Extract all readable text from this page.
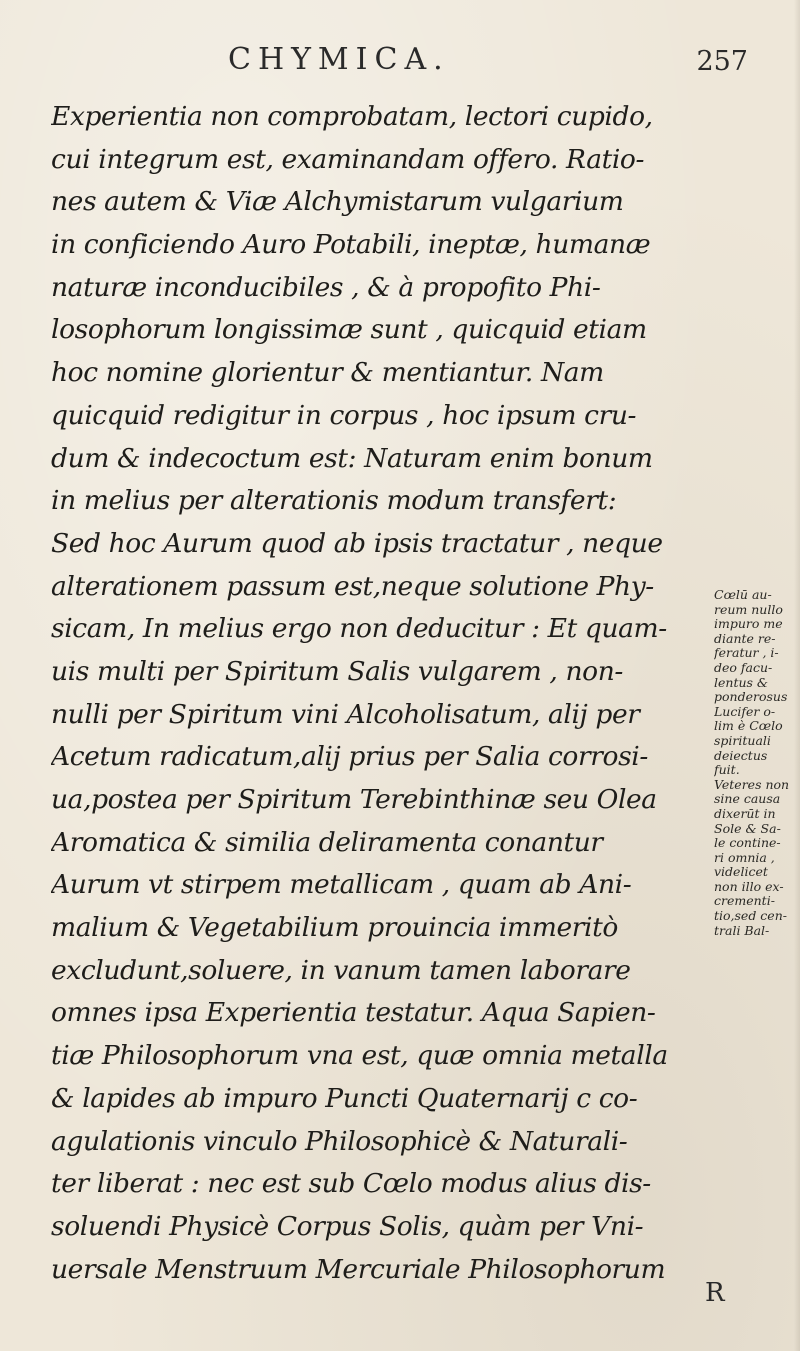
CHYMICA.	257
Experientia non comprobatam, lectori cupido,
cui integrum est, examinandam offero. Ratio-
nes autem & Viæ Alchymistarum vulgarium
in conficiendo Auro Potabili, ineptæ, humanæ
naturæ inconducibiles , & à propofito Phi-
losophorum longissimæ sunt , quicquid etiam
hoc nomine glorientur & mentiantur. Nam
quicquid redigitur in corpus , hoc ipsum cru-
dum & indecoctum est: Naturam enim bonum
in melius per alterationis modum transfert:
Sed hoc Aurum quod ab ipsis tractatur , neque
alterationem passum est,neque solutione Phy-
sicam, In melius ergo non deducitur : Et quam-
uis multi per Spiritum Salis vulgarem , non-
nulli per Spiritum vini Alcoholisatum, alij per
Acetum radicatum,alij prius per Salia corrosi-
ua,postea per Spiritum Terebinthinæ seu Olea
Aromatica & similia deliramenta conantur
Aurum vt stirpem metallicam , quam ab Ani-
malium & Vegetabilium prouincia immeritò
excludunt,soluere, in vanum tamen laborare
omnes ipsa Experientia testatur. Aqua Sapien-
tiæ Philosophorum vna est, quæ omnia metalla
& lapides ab impuro Puncti Quaternarij c co-
agulationis vinculo Philosophicè & Naturali-
ter liberat : nec est sub Cœlo modus alius dis-
soluendi Physicè Corpus Solis, quàm per Vni-
uersale Menstruum Mercuriale Philosophorum
Cœlū au-
reum nullo
impuro me
diante re-
feratur , i-
deo facu-
lentus &
ponderosus
Lucifer o-
lim è Cœlo
spirituali
deiectus
fuit.
Veteres non
sine causa
dixerūt in
Sole & Sa-
le contine-
ri omnia ,
videlicet
non illo ex-
crementi-
tio,sed cen-
trali Bal-
R
